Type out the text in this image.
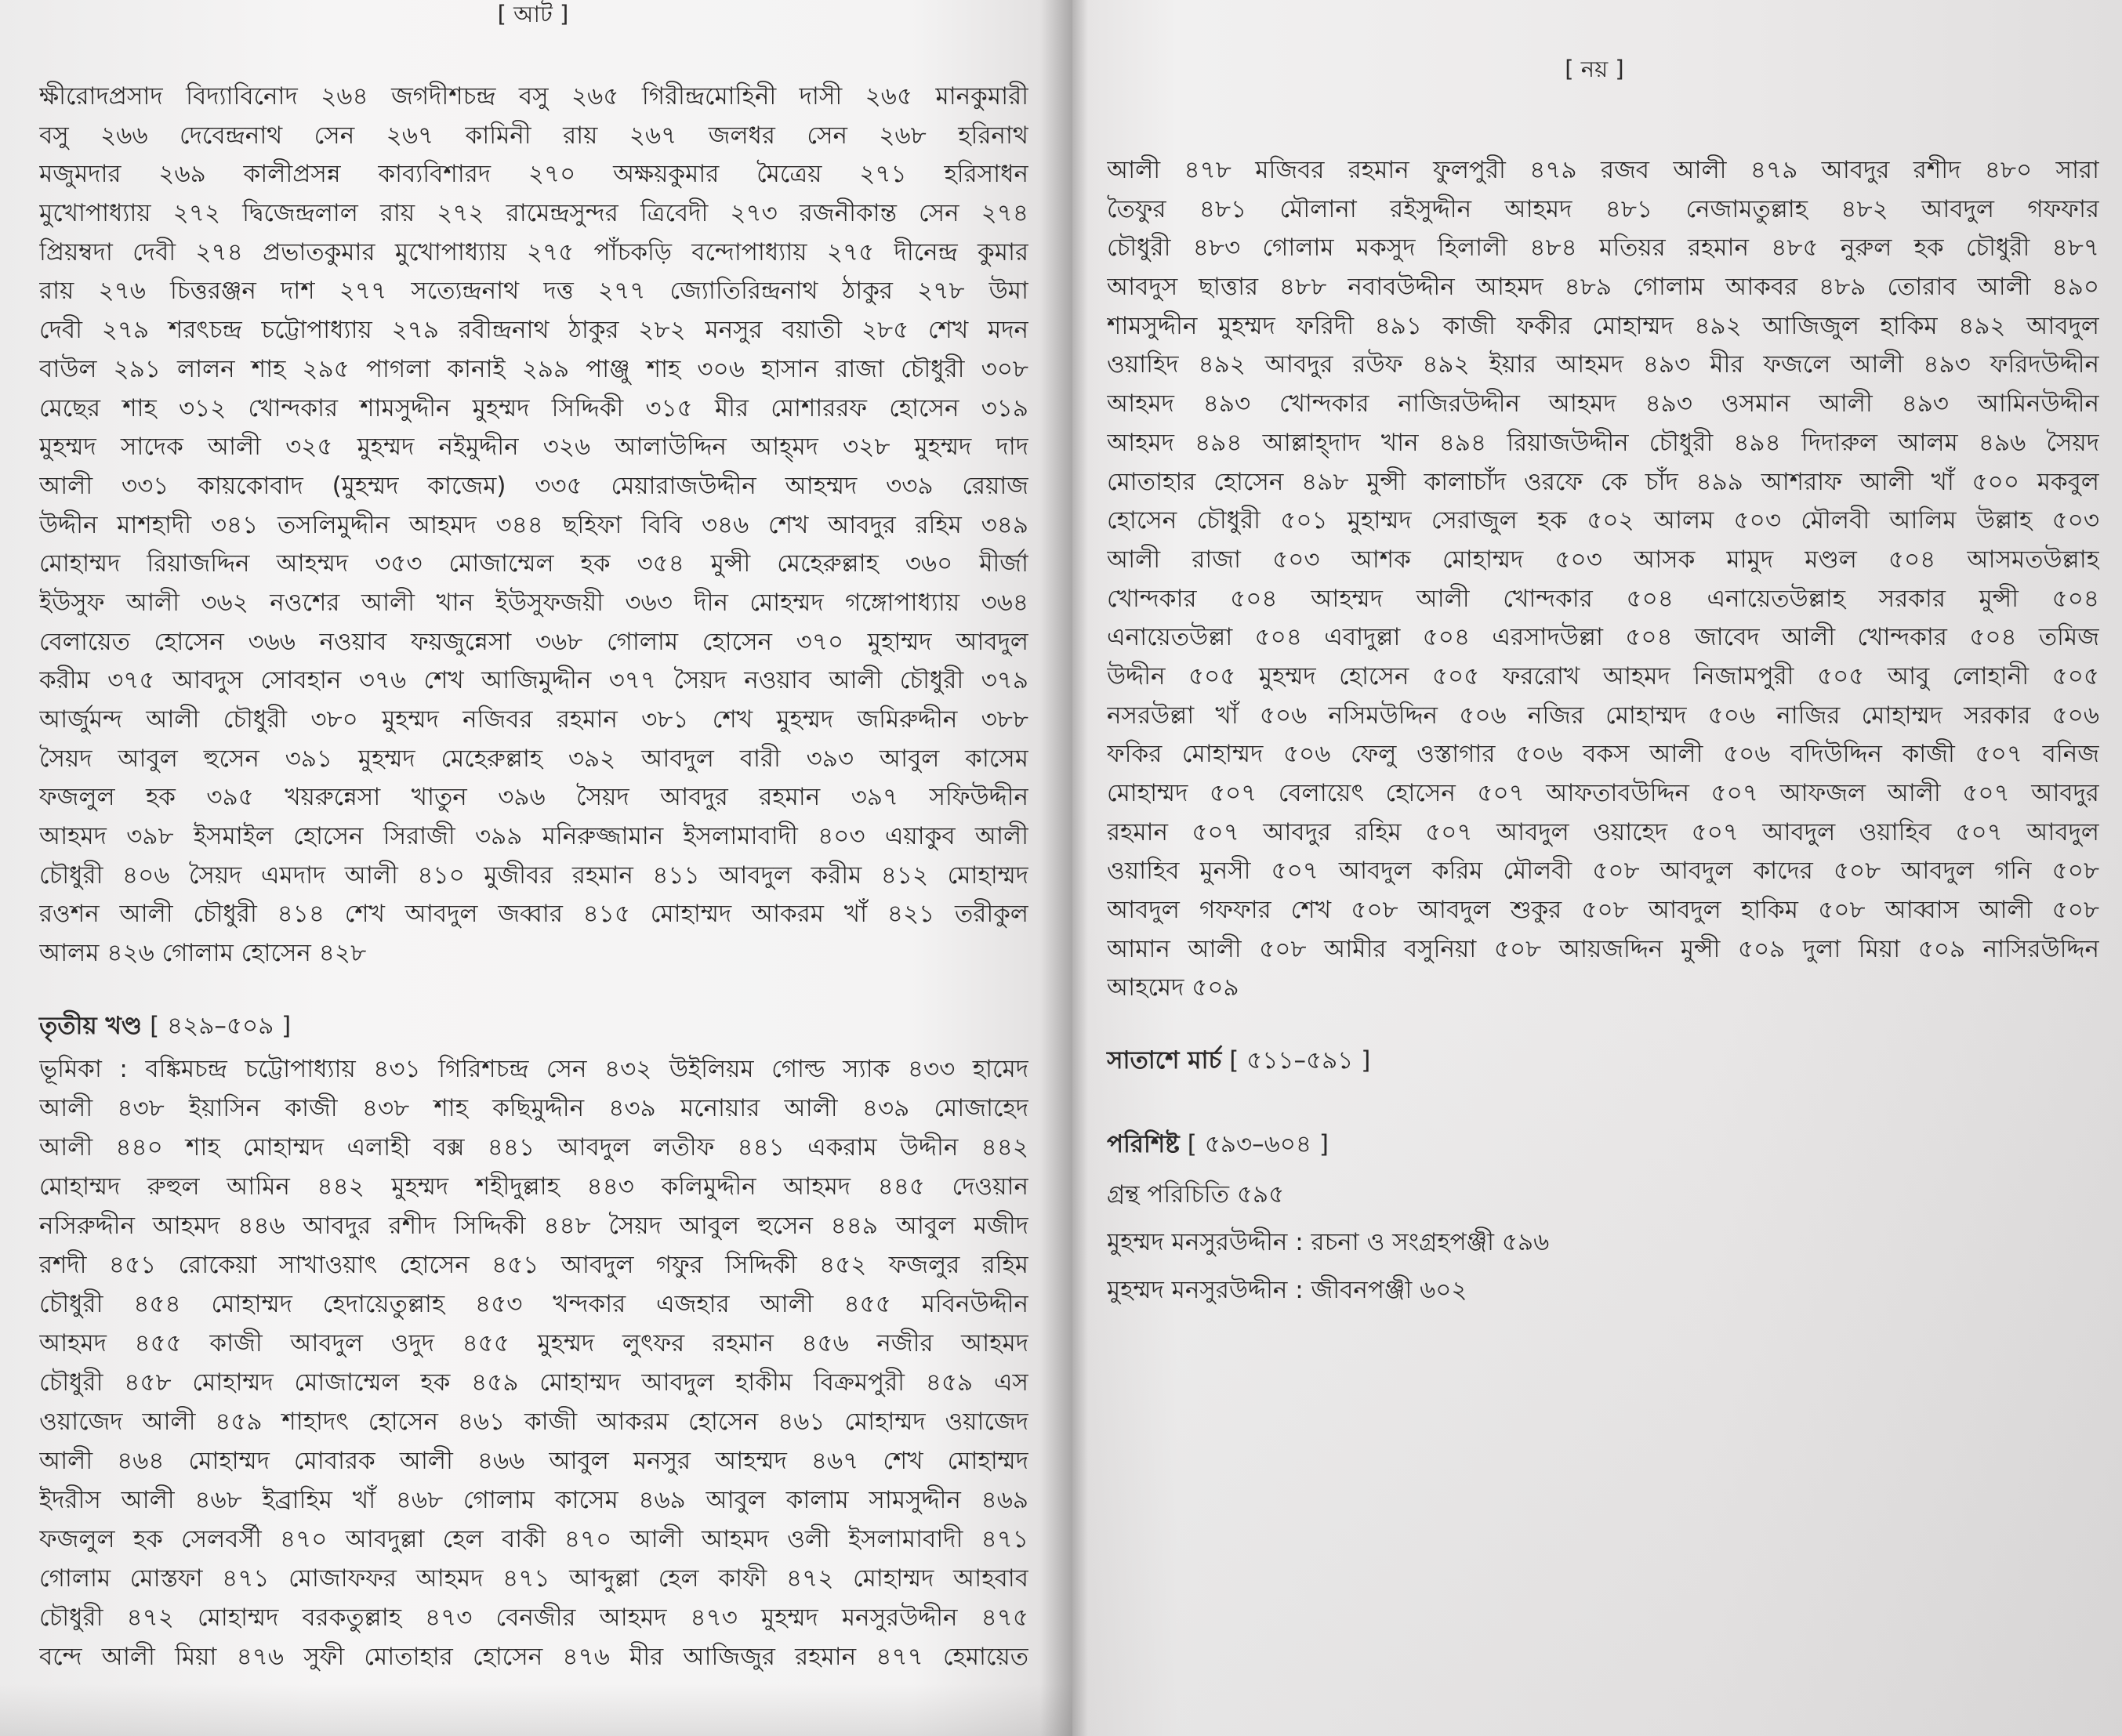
[ আট ]
ক্ষীরোদপ্রসাদ বিদ্যাবিনোদ ২৬৪ জগদীশচন্দ্র বসু ২৬৫ গিরীন্দ্রমোহিনী দাসী ২৬৫ মানকুমারী
বসু ২৬৬ দেবেন্দ্রনাথ সেন ২৬৭ কামিনী রায় ২৬৭ জলধর সেন ২৬৮ হরিনাথ
মজুমদার ২৬৯ কালীপ্রসন্ন কাব্যবিশারদ ২৭০ অক্ষয়কুমার মৈত্রেয় ২৭১ হরিসাধন
মুখোপাধ্যায় ২৭২ দ্বিজেন্দ্রলাল রায় ২৭২ রামেন্দ্রসুন্দর ত্রিবেদী ২৭৩ রজনীকান্ত সেন ২৭৪
প্রিয়ম্বদা দেবী ২৭৪ প্রভাতকুমার মুখোপাধ্যায় ২৭৫ পাঁচকড়ি বন্দোপাধ্যায় ২৭৫ দীনেন্দ্র কুমার
রায় ২৭৬ চিত্তরঞ্জন দাশ ২৭৭ সত্যেন্দ্রনাথ দত্ত ২৭৭ জ্যোতিরিন্দ্রনাথ ঠাকুর ২৭৮ উমা
দেবী ২৭৯ শরৎচন্দ্র চট্টোপাধ্যায় ২৭৯ রবীন্দ্রনাথ ঠাকুর ২৮২ মনসুর বয়াতী ২৮৫ শেখ মদন
বাউল ২৯১ লালন শাহ ২৯৫ পাগলা কানাই ২৯৯ পাঞ্জু শাহ ৩০৬ হাসান রাজা চৌধুরী ৩০৮
মেছের শাহ ৩১২ খোন্দকার শামসুদ্দীন মুহম্মদ সিদ্দিকী ৩১৫ মীর মোশাররফ হোসেন ৩১৯
মুহম্মদ সাদেক আলী ৩২৫ মুহম্মদ নইমুদ্দীন ৩২৬ আলাউদ্দিন আহ্‌মদ ৩২৮ মুহম্মদ দাদ
আলী ৩৩১ কায়কোবাদ (মুহম্মদ কাজেম) ৩৩৫ মেয়ারাজউদ্দীন আহম্মদ ৩৩৯ রেয়াজ
উদ্দীন মাশহাদী ৩৪১ তসলিমুদ্দীন আহমদ ৩৪৪ ছহিফা বিবি ৩৪৬ শেখ আবদুর রহিম ৩৪৯
মোহাম্মদ রিয়াজদ্দিন আহম্মদ ৩৫৩ মোজাম্মেল হক ৩৫৪ মুন্সী মেহেরুল্লাহ ৩৬০ মীর্জা
ইউসুফ আলী ৩৬২ নওশের আলী খান ইউসুফজয়ী ৩৬৩ দীন মোহম্মদ গঙ্গোপাধ্যায় ৩৬৪
বেলায়েত হোসেন ৩৬৬ নওয়াব ফয়জুন্নেসা ৩৬৮ গোলাম হোসেন ৩৭০ মুহাম্মদ আবদুল
করীম ৩৭৫ আবদুস সোবহান ৩৭৬ শেখ আজিমুদ্দীন ৩৭৭ সৈয়দ নওয়াব আলী চৌধুরী ৩৭৯
আর্জুমন্দ আলী চৌধুরী ৩৮০ মুহম্মদ নজিবর রহমান ৩৮১ শেখ মুহম্মদ জমিরুদ্দীন ৩৮৮
সৈয়দ আবুল হুসেন ৩৯১ মুহম্মদ মেহেরুল্লাহ ৩৯২ আবদুল বারী ৩৯৩ আবুল কাসেম
ফজলুল হক ৩৯৫ খয়রুন্নেসা খাতুন ৩৯৬ সৈয়দ আবদুর রহমান ৩৯৭ সফিউদ্দীন
আহমদ ৩৯৮ ইসমাইল হোসেন সিরাজী ৩৯৯ মনিরুজ্জামান ইসলামাবাদী ৪০৩ এয়াকুব আলী
চৌধুরী ৪০৬ সৈয়দ এমদাদ আলী ৪১০ মুজীবর রহমান ৪১১ আবদুল করীম ৪১২ মোহাম্মদ
রওশন আলী চৌধুরী ৪১৪ শেখ আবদুল জব্বার ৪১৫ মোহাম্মদ আকরম খাঁ ৪২১ তরীকুল
আলম ৪২৬ গোলাম হোসেন ৪২৮
তৃতীয় খণ্ড [ ৪২৯–৫০৯ ]
ভূমিকা : বঙ্কিমচন্দ্র চট্টোপাধ্যায় ৪৩১ গিরিশচন্দ্র সেন ৪৩২ উইলিয়ম গোল্ড স্যাক ৪৩৩ হামেদ
আলী ৪৩৮ ইয়াসিন কাজী ৪৩৮ শাহ কছিমুদ্দীন ৪৩৯ মনোয়ার আলী ৪৩৯ মোজাহেদ
আলী ৪৪০ শাহ মোহাম্মদ এলাহী বক্স ৪৪১ আবদুল লতীফ ৪৪১ একরাম উদ্দীন ৪৪২
মোহাম্মদ রুহুল আমিন ৪৪২ মুহম্মদ শহীদুল্লাহ ৪৪৩ কলিমুদ্দীন আহমদ ৪৪৫ দেওয়ান
নসিরুদ্দীন আহমদ ৪৪৬ আবদুর রশীদ সিদ্দিকী ৪৪৮ সৈয়দ আবুল হুসেন ৪৪৯ আবুল মজীদ
রশদী ৪৫১ রোকেয়া সাখাওয়াৎ হোসেন ৪৫১ আবদুল গফুর সিদ্দিকী ৪৫২ ফজলুর রহিম
চৌধুরী ৪৫৪ মোহাম্মদ হেদায়েতুল্লাহ ৪৫৩ খন্দকার এজহার আলী ৪৫৫ মবিনউদ্দীন
আহমদ ৪৫৫ কাজী আবদুল ওদুদ ৪৫৫ মুহম্মদ লুৎফর রহমান ৪৫৬ নজীর আহমদ
চৌধুরী ৪৫৮ মোহাম্মদ মোজাম্মেল হক ৪৫৯ মোহাম্মদ আবদুল হাকীম বিক্রমপুরী ৪৫৯ এস
ওয়াজেদ আলী ৪৫৯ শাহাদৎ হোসেন ৪৬১ কাজী আকরম হোসেন ৪৬১ মোহাম্মদ ওয়াজেদ
আলী ৪৬৪ মোহাম্মদ মোবারক আলী ৪৬৬ আবুল মনসুর আহম্মদ ৪৬৭ শেখ মোহাম্মদ
ইদরীস আলী ৪৬৮ ইব্রাহিম খাঁ ৪৬৮ গোলাম কাসেম ৪৬৯ আবুল কালাম সামসুদ্দীন ৪৬৯
ফজলুল হক সেলবর্সী ৪৭০ আবদুল্লা হেল বাকী ৪৭০ আলী আহমদ ওলী ইসলামাবাদী ৪৭১
গোলাম মোস্তফা ৪৭১ মোজাফফর আহমদ ৪৭১ আব্দুল্লা হেল কাফী ৪৭২ মোহাম্মদ আহবাব
চৌধুরী ৪৭২ মোহাম্মদ বরকতুল্লাহ ৪৭৩ বেনজীর আহমদ ৪৭৩ মুহম্মদ মনসুরউদ্দীন ৪৭৫
বন্দে আলী মিয়া ৪৭৬ সুফী মোতাহার হোসেন ৪৭৬ মীর আজিজুর রহমান ৪৭৭ হেমায়েত
[ নয় ]
আলী ৪৭৮ মজিবর রহমান ফুলপুরী ৪৭৯ রজব আলী ৪৭৯ আবদুর রশীদ ৪৮০ সারা
তৈফুর ৪৮১ মৌলানা রইসুদ্দীন আহমদ ৪৮১ নেজামতুল্লাহ ৪৮২ আবদুল গফফার
চৌধুরী ৪৮৩ গোলাম মকসুদ হিলালী ৪৮৪ মতিয়র রহমান ৪৮৫ নুরুল হক চৌধুরী ৪৮৭
আবদুস ছাত্তার ৪৮৮ নবাবউদ্দীন আহমদ ৪৮৯ গোলাম আকবর ৪৮৯ তোরাব আলী ৪৯০
শামসুদ্দীন মুহম্মদ ফরিদী ৪৯১ কাজী ফকীর মোহাম্মদ ৪৯২ আজিজুল হাকিম ৪৯২ আবদুল
ওয়াহিদ ৪৯২ আবদুর রউফ ৪৯২ ইয়ার আহমদ ৪৯৩ মীর ফজলে আলী ৪৯৩ ফরিদউদ্দীন
আহমদ ৪৯৩ খোন্দকার নাজিরউদ্দীন আহমদ ৪৯৩ ওসমান আলী ৪৯৩ আমিনউদ্দীন
আহমদ ৪৯৪ আল্লাহ্‌দাদ খান ৪৯৪ রিয়াজউদ্দীন চৌধুরী ৪৯৪ দিদারুল আলম ৪৯৬ সৈয়দ
মোতাহার হোসেন ৪৯৮ মুন্সী কালাচাঁদ ওরফে কে চাঁদ ৪৯৯ আশরাফ আলী খাঁ ৫০০ মকবুল
হোসেন চৌধুরী ৫০১ মুহাম্মদ সেরাজুল হক ৫০২ আলম ৫০৩ মৌলবী আলিম উল্লাহ ৫০৩
আলী রাজা ৫০৩ আশক মোহাম্মদ ৫০৩ আসক মামুদ মণ্ডল ৫০৪ আসমতউল্লাহ
খোন্দকার ৫০৪ আহম্মদ আলী খোন্দকার ৫০৪ এনায়েতউল্লাহ সরকার মুন্সী ৫০৪
এনায়েতউল্লা ৫০৪ এবাদুল্লা ৫০৪ এরসাদউল্লা ৫০৪ জাবেদ আলী খোন্দকার ৫০৪ তমিজ
উদ্দীন ৫০৫ মুহম্মদ হোসেন ৫০৫ ফররোখ আহমদ নিজামপুরী ৫০৫ আবু লোহানী ৫০৫
নসরউল্লা খাঁ ৫০৬ নসিমউদ্দিন ৫০৬ নজির মোহাম্মদ ৫০৬ নাজির মোহাম্মদ সরকার ৫০৬
ফকির মোহাম্মদ ৫০৬ ফেলু ওস্তাগার ৫০৬ বকস আলী ৫০৬ বদিউদ্দিন কাজী ৫০৭ বনিজ
মোহাম্মদ ৫০৭ বেলায়েৎ হোসেন ৫০৭ আফতাবউদ্দিন ৫০৭ আফজল আলী ৫০৭ আবদুর
রহমান ৫০৭ আবদুর রহিম ৫০৭ আবদুল ওয়াহেদ ৫০৭ আবদুল ওয়াহিব ৫০৭ আবদুল
ওয়াহিব মুনসী ৫০৭ আবদুল করিম মৌলবী ৫০৮ আবদুল কাদের ৫০৮ আবদুল গনি ৫০৮
আবদুল গফফার শেখ ৫০৮ আবদুল শুকুর ৫০৮ আবদুল হাকিম ৫০৮ আব্বাস আলী ৫০৮
আমান আলী ৫০৮ আমীর বসুনিয়া ৫০৮ আয়জদ্দিন মুন্সী ৫০৯ দুলা মিয়া ৫০৯ নাসিরউদ্দিন
আহমেদ ৫০৯
সাতাশে মার্চ [ ৫১১–৫৯১ ]
পরিশিষ্ট [ ৫৯৩–৬০৪ ]
গ্রন্থ পরিচিতি ৫৯৫
মুহম্মদ মনসুরউদ্দীন : রচনা ও সংগ্রহপঞ্জী ৫৯৬
মুহম্মদ মনসুরউদ্দীন : জীবনপঞ্জী ৬০২
